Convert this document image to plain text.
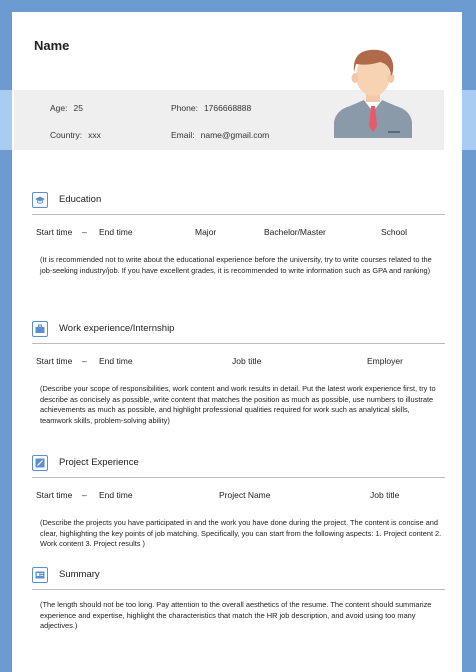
Name
Age: 25	Phone: 1766668888
Country: xxx	Email: name@gmail.com
Education
Start time – End time	Major	Bachelor/Master	School
(It is recommended not to write about the educational experience before the university, try to write courses related to the job-seeking industry/job. If you have excellent grades, it is recommended to write information such as GPA and ranking)
Work experience/Internship
Start time – End time	Job title	Employer
(Describe your scope of responsibilities, work content and work results in detail. Put the latest work experience first, try to describe as concisely as possible, write content that matches the position as much as possible, use numbers to illustrate achievements as much as possible, and highlight professional qualities required for work such as analytical skills, teamwork skills, problem-solving ability)
Project Experience
Start time – End time	Project Name	Job title
(Describe the projects you have participated in and the work you have done during the project. The content is concise and clear, highlighting the key points of job matching. Specifically, you can start from the following aspects: 1. Project content 2. Work content 3. Project results )
Summary
(The length should not be too long. Pay attention to the overall aesthetics of the resume. The content should summarize experience and expertise, highlight the characteristics that match the HR job description, and avoid using too many adjectives.)
